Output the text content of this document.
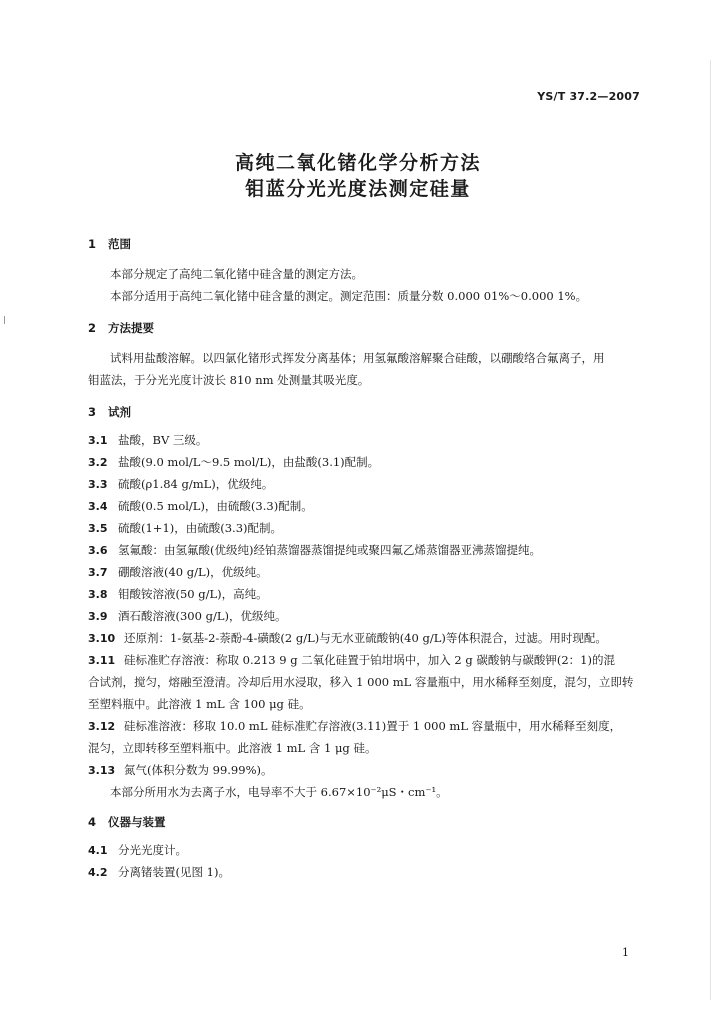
YS/T 37.2—2007
高纯二氧化锗化学分析方法
钼蓝分光光度法测定硅量
1 范围
本部分规定了高纯二氧化锗中硅含量的测定方法。
本部分适用于高纯二氧化锗中硅含量的测定。测定范围：质量分数 0.000 01%～0.000 1%。
2 方法提要
试料用盐酸溶解。以四氯化锗形式挥发分离基体；用氢氟酸溶解聚合硅酸，以硼酸络合氟离子，用
钼蓝法，于分光光度计波长 810 nm 处测量其吸光度。
3 试剂
3.1 盐酸，BV 三级。
3.2 盐酸(9.0 mol/L～9.5 mol/L)，由盐酸(3.1)配制。
3.3 硫酸(ρ1.84 g/mL)，优级纯。
3.4 硫酸(0.5 mol/L)，由硫酸(3.3)配制。
3.5 硫酸(1+1)，由硫酸(3.3)配制。
3.6 氢氟酸：由氢氟酸(优级纯)经铂蒸馏器蒸馏提纯或聚四氟乙烯蒸馏器亚沸蒸馏提纯。
3.7 硼酸溶液(40 g/L)，优级纯。
3.8 钼酸铵溶液(50 g/L)，高纯。
3.9 酒石酸溶液(300 g/L)，优级纯。
3.10 还原剂：1-氨基-2-萘酚-4-磺酸(2 g/L)与无水亚硫酸钠(40 g/L)等体积混合，过滤。用时现配。
3.11 硅标准贮存溶液：称取 0.213 9 g 二氧化硅置于铂坩埚中，加入 2 g 碳酸钠与碳酸钾(2：1)的混
合试剂，搅匀，熔融至澄清。冷却后用水浸取，移入 1 000 mL 容量瓶中，用水稀释至刻度，混匀，立即转
至塑料瓶中。此溶液 1 mL 含 100 μg 硅。
3.12 硅标准溶液：移取 10.0 mL 硅标准贮存溶液(3.11)置于 1 000 mL 容量瓶中，用水稀释至刻度，
混匀，立即转移至塑料瓶中。此溶液 1 mL 含 1 μg 硅。
3.13 氮气(体积分数为 99.99%)。
本部分所用水为去离子水，电导率不大于 6.67×10⁻²μS・cm⁻¹。
4 仪器与装置
4.1 分光光度计。
4.2 分离锗装置(见图 1)。
1
